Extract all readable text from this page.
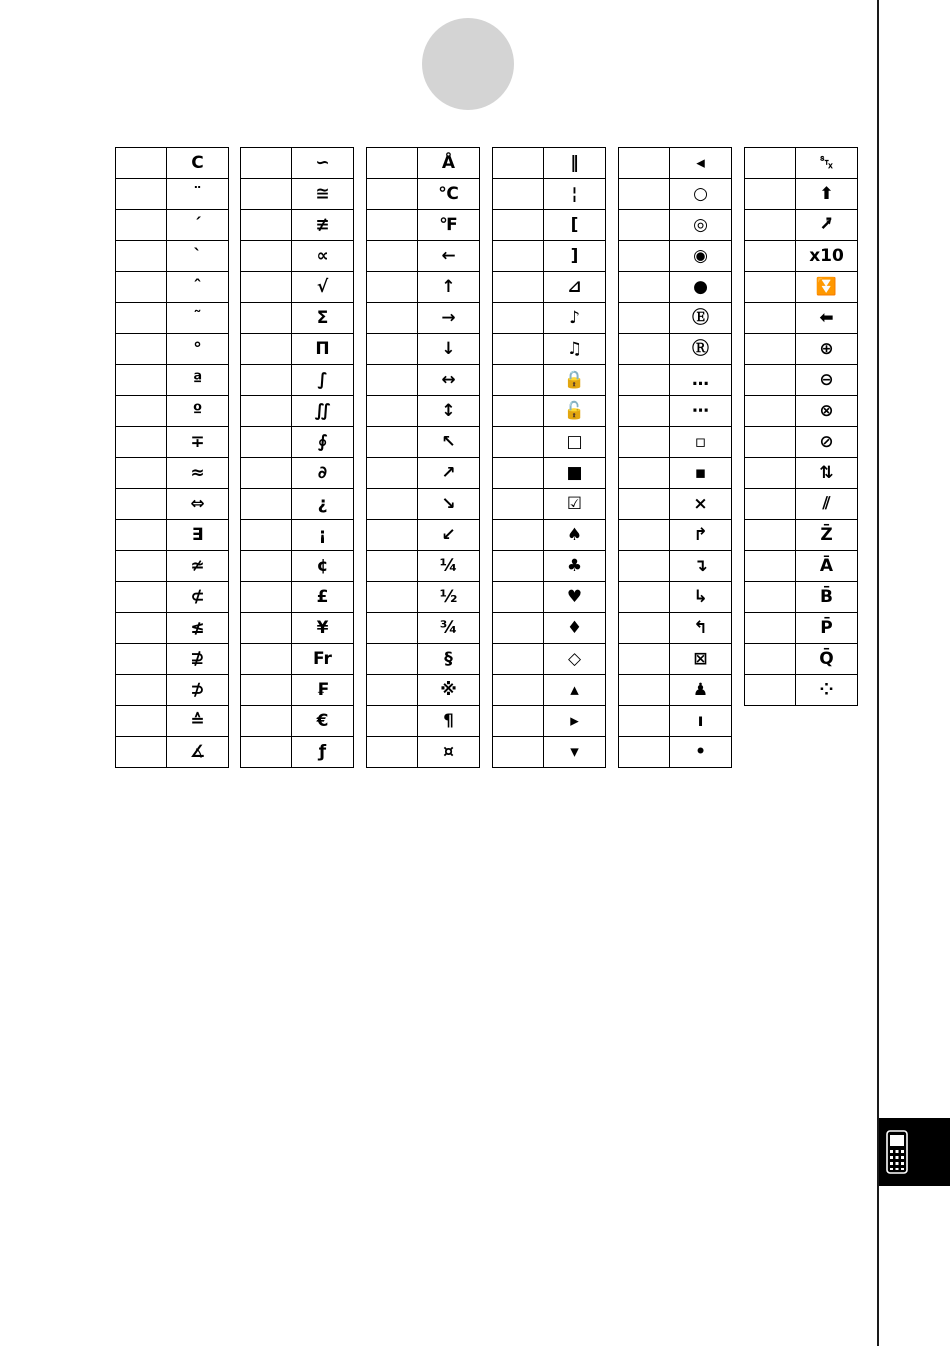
	C
	¨
	´
	`
	ˆ
	˜
	°
	ª
	º
	∓
	≈
	⇔
	∃
	≄
	⊄
	≰
	⊉
	⊅
	≙
	∡
	∽
	≅
	≢
	∝
	√
	Σ
	Π
	∫
	∬
	∮
	∂
	¿
	¡
	¢
	£
	¥
	Fr
	₣
	€
	ƒ
	Å
	℃
	℉
	←
	↑
	→
	↓
	↔
	↕
	↖
	↗
	↘
	↙
	¼
	½
	¾
	§
	※
	¶
	¤
	‖
	¦
	[
	]
	⊿
	♪
	♫
	🔒
	🔓
	□
	■
	☑
	♠
	♣
	♥
	♦
	◇
	▴
	▸
	▾
	◂
	○
	◎
	◉
	●
	Ⓔ
	Ⓡ
	…
	⋯
	▫
	▪
	×
	↱
	↴
	↳
	↰
	⊠
	♟
	ı
	•
	␂
	⬆
	⭷
	x10
	⏬
	⬅
	⊕
	⊖
	⊗
	⊘
	⇅
	⫽
	Z̄
	Ā
	B̄
	P̄
	Q̄
	⁘
